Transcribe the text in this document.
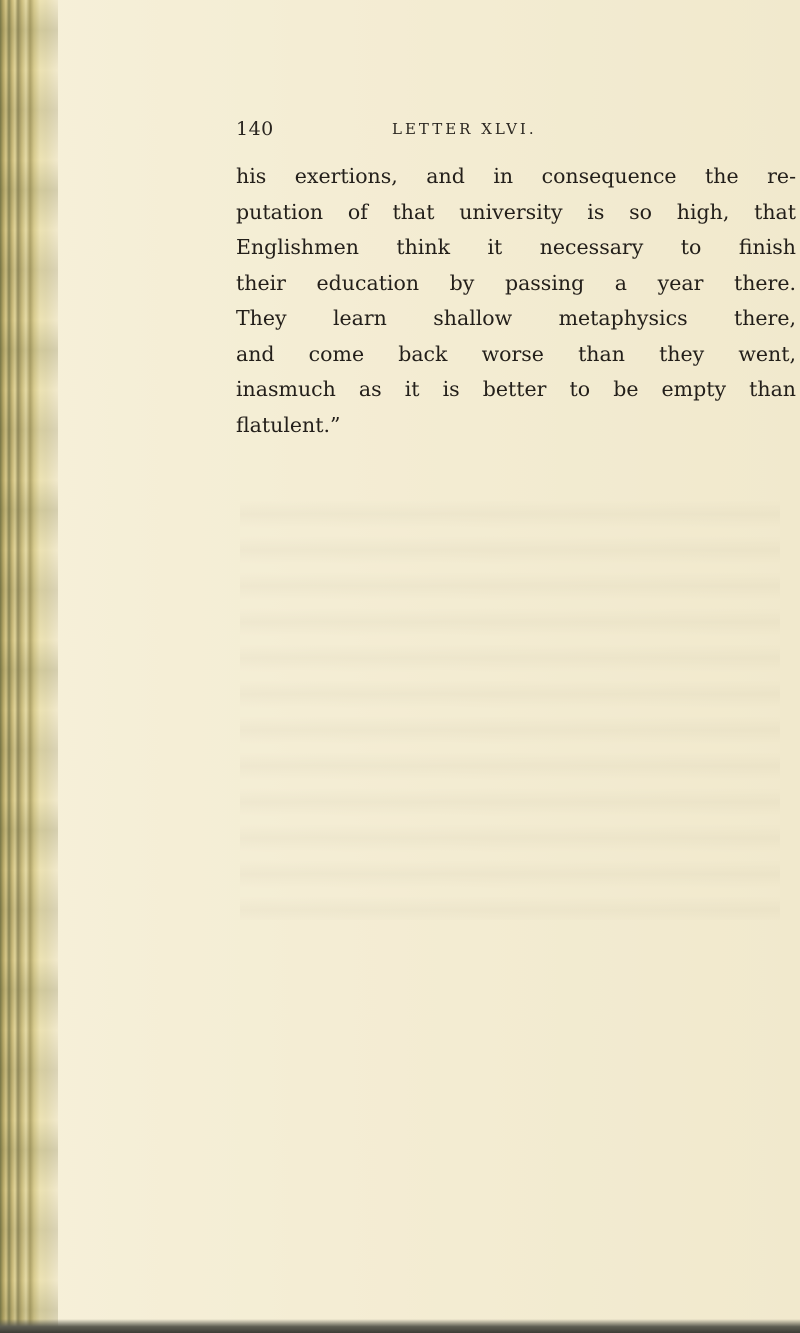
140	LETTER XLVI.
his exertions, and in consequence the re-
putation of that university is so high, that
Englishmen think it necessary to finish
their education by passing a year there.
They learn shallow metaphysics there,
and come back worse than they went,
inasmuch as it is better to be empty than
flatulent.”
